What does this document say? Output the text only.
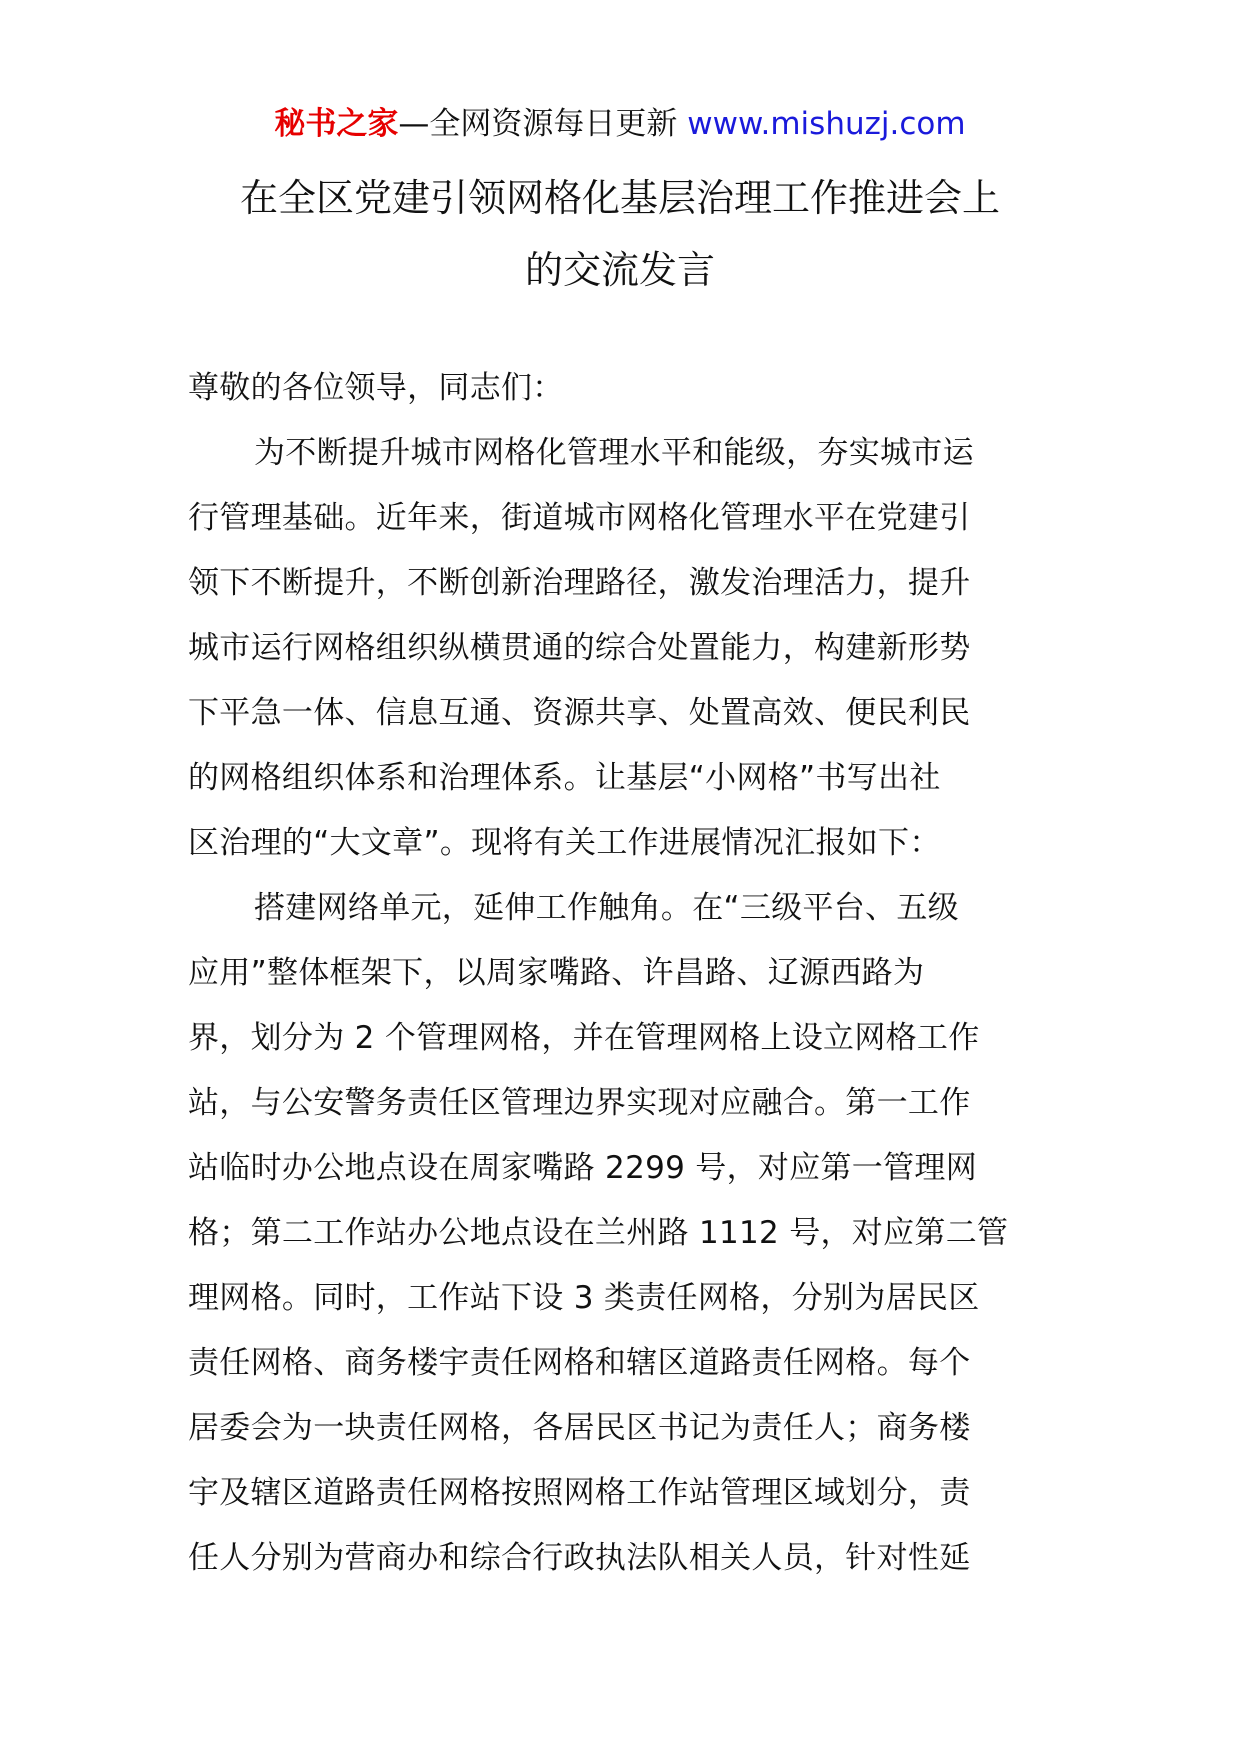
秘书之家—全网资源每日更新 www.mishuzj.com
在全区党建引领网格化基层治理工作推进会上
的交流发言
尊敬的各位领导，同志们：
为不断提升城市网格化管理水平和能级，夯实城市运
行管理基础。近年来，街道城市网格化管理水平在党建引
领下不断提升，不断创新治理路径，激发治理活力，提升
城市运行网格组织纵横贯通的综合处置能力，构建新形势
下平急一体、信息互通、资源共享、处置高效、便民利民
的网格组织体系和治理体系。让基层“小网格”书写出社
区治理的“大文章”。现将有关工作进展情况汇报如下：
搭建网络单元，延伸工作触角。在“三级平台、五级
应用”整体框架下，以周家嘴路、许昌路、辽源西路为
界，划分为 2 个管理网格，并在管理网格上设立网格工作
站，与公安警务责任区管理边界实现对应融合。第一工作
站临时办公地点设在周家嘴路 2299 号，对应第一管理网
格；第二工作站办公地点设在兰州路 1112 号，对应第二管
理网格。同时，工作站下设 3 类责任网格，分别为居民区
责任网格、商务楼宇责任网格和辖区道路责任网格。每个
居委会为一块责任网格，各居民区书记为责任人；商务楼
宇及辖区道路责任网格按照网格工作站管理区域划分，责
任人分别为营商办和综合行政执法队相关人员，针对性延
